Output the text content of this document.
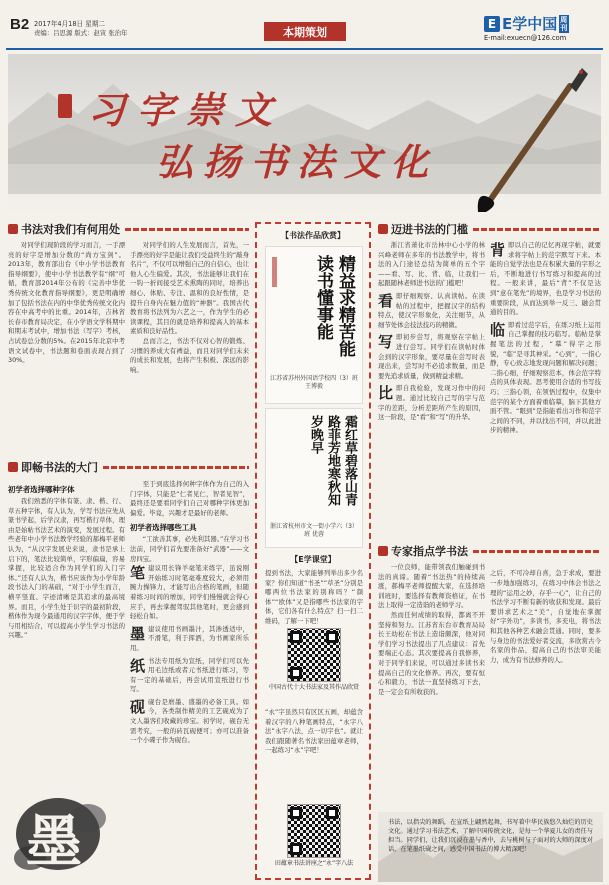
B2 2017年4月18日 星期二
责编：吕思源 版式：赵寅 张治年	本期策划
E E学中国 周刊
E-mail:exuecn@126.com
习字崇文
弘扬书法文化
书法对我们有何用处

对同学们现阶段的学习而言，一手漂亮的好字是增加分数的“尚方宝剑”。2013年，教育部出台《中小学书法教育指导纲要》，使中小学书法教学有“纲”可循，教育部2014年公布的《完善中华优秀传统文化教育指导纲要》，更是明确增加了包括书法在内的中华优秀传统文化内容在中高考中的比重。2014年，吉林省长春市教育局决定，在小学语文学科期中和期末考试中，增加书法（写字）考核，占试卷总分数的5%。在2015年北京中考语文试卷中，书法题和卷面表现占到了30%。

对同学们的人生发展而言，首先，一手漂亮的好字是能让我们受益终生的“敲身名片”，不仅可以增强自己的自信心，也让他人心生偏爱。其次，书法能够让我们在一钩一折间接受艺术熏陶的同时，培养出细心、体贴、专注、温和的良好性情，是提升自身内在魅力值的“神器”。我国古代教育将书法列为六艺之一，作为学生的必读课程，其目的就是培养和提高人的基本素质和良好品性。

总而言之，书法不仅对心智的锻炼、习惯的养成大有裨益，而且对同学们未来的成长和发展，也将产生积极、深远的影响。

即畅书法的大门
初学者选择哪种字体

我们熟悉的字体有篆、隶、楷、行、草五种字体，有人认为，学写书法应先从篆书学起，后学汉隶，再写楷行草体，理由是始帖书法艺术的演变，发展过程。有些老年中小学书法教学经验的郝梅平老师认为，“从汉字发展史来说，隶书是承上启下的，笔法比较简单，字形偏扁，容易掌握，比较适合作为同学们的入门字体。”还有人认为，楷书应该作为小学年龄段书法入门的基础，“对于小学生而言，横平竖直、字迹清晰是其追求的最高境界。而且，小学生处于识字的最初阶段，楷体作为现今最通用的汉字字体，便于学与用相结合，可以提高小学生学习书法的兴趣。”

至于到底选择何种字体作为自己的入门字体，只能是“仁者见仁，智者见智”，最终还是要看同学们自己对哪种字体更加偏爱。毕竟，兴趣才是最好的老师。

初学者选择哪些工具

“工欲善其事，必先利其器。”在学习书法前，同学们首先要准备好“武器”——文房四宝。

笔建议用长锋羊毫笔来练字，虽说刚开始练习时笔毫难度较大，必须用腕力操锋力，才能写出合格的笔画，但随着练习时间的增加，同学们慢慢就会得心应手，再去掌握驾驭其他笔时，更会感到轻松自如。
墨建议使用书画墨汁，其渗透适中，不滑笔，利于挥洒，为书画家所乐用。
纸书法专用纸为宣纸，同学们可以先用毛边纸或者元书纸进行练习，等有一定的基础后，再尝试用宣纸进行书写。
砚砚台是磨墨、盛墨的必备工具。如今，各类制作精美的工艺砚成为了文人墨客们收藏的珍宝。初学时，砚台无需考究，一般的砖瓦砚便可；亦可以准备一个小碟子作为砚台。
【书法作品欣赏】
精益求精苦能读书懂事能
江苏省苏州外国语学校四（3）班 王博毅
霜红草碧落山青路菲芳地寒秋知岁晚早
浙江省杭州市文一街小学六（3）班 优蓉
【E学课堂】
提到书法，大家能够列举出多少名家？你们知道“书圣”“草圣”分别是哪两位书法家的别称吗？“颜体”“欧体”又是指哪些书法家的字体，它们各有什么特点？扫一扫二维码，了解一下吧！
中国古代十大书法家及其作品欣赏
“永”字虽然只有区区五画，却蕴含着汉字的八种笔画特点，“永字八法”永字八法，点一切字也”。就让我们跟随著名书法家田蕴章老师，一起练习“永”字吧！
田蕴章书法讲座之“永”字八法
迈进书法的门槛

浙江省萧化市岳林中心小学的林兴峰老师在多年的书法教学中，将书法的入门途径总结为简单的五个字——看、写、比、背、临，让我们一起跟随林老师进书法的门槛吧！

看即仔细观察、认真读帖。在读帖的过程中，把握汉字的结构特点，使汉字形象化，关注细节，从细节处体会技法技巧的精微。
写即初步尝写，将观察在字帖上进行尝写。同学们在读帖时体会到的汉字形象，要尽量在尝写时表现出来，尝写时不必追求数量，而是要先追求质量，做到精益求精。
比即自我检验，发现习作中的问题。通过比较自己写的字与范字的差距，分析差距所产生的原因，这一阶段，是“看”和“写”的升华。
背即以自己的记忆再现字帖，就要求将字帖上的范字默写下来。本能的自觉学法也是在积累大量的字形之后，不断地进行书写练习和提高的过程。一般来讲，最后“背”不仅是达到“意在笔先”的境界，也是学习书法的重要阶段，从而达到举一反三、融会贯通的目的。
临即看过范字后，在练习纸上运用自己掌握的技巧临写。临帖是掌握笔法的过程，“摹”得字之形貌，“临”是寻其神采。“心到”，一指心静，专心致志地发现问题和解决问题；二指心细，仔细观察范本，体会范字特点的具体表现。思考使用合适的书写技巧；三指心领，在领悟过程中，仅集中范字的某个方面着重临摹，脑下其他方面不管。“眼到”是指能看出习作和范字之间的不同，并以找出不同，并以此进步的精神。
专家指点学书法

一位良师，能带领我们触碰到书法的真谛。随着“书法热”的持续高涨，郝梅平老师提醒大家，在选择培训班时，要选择有教师资格证，在书法上取得一定造诣的老师学习。

然而任何成绩的取得，都离不开坚持和努力。江苏省东台市教育局局长王幼松在书法上造诣颇深，他对同学们学习书法提出了几点建议：首先要端正心态。其次要提高自我修养，对于同学们来说，可以通过多读书来提高自己的文化修养。再次，要有恒心和毅力，书法一直坚持练习下去，是一定会有所收获的。

之后，不可冷却自喜，急于求成，要进一步地加强练习，在练习中体会书法之理的“运用之妙，存乎一心”，让自己的书法学习不断有新的收获和发现。最后要讲求艺术之“美”，自觉地在掌握好“字外功”，多读书，多充电，将书法和其他各种艺术融会贯通。同时，要多与身边的书法爱好者交流，多欣赏古今名家的作品，提高自己的书法审美能力，成为有书法修养的人。

墨	书法，以指尖的舞蹈，在宣纸上翩然起舞，书写着中华民族悠久灿烂的历史文化。通过学习书法艺术，了解中国传统文化，是每一个华夏儿女的责任与担当。同学们，让我们沉浸在墨与香中，去与桃树与子面对的大师的深度对话，在笔墨纸砚之间，感受中国书法的博大精深吧！
